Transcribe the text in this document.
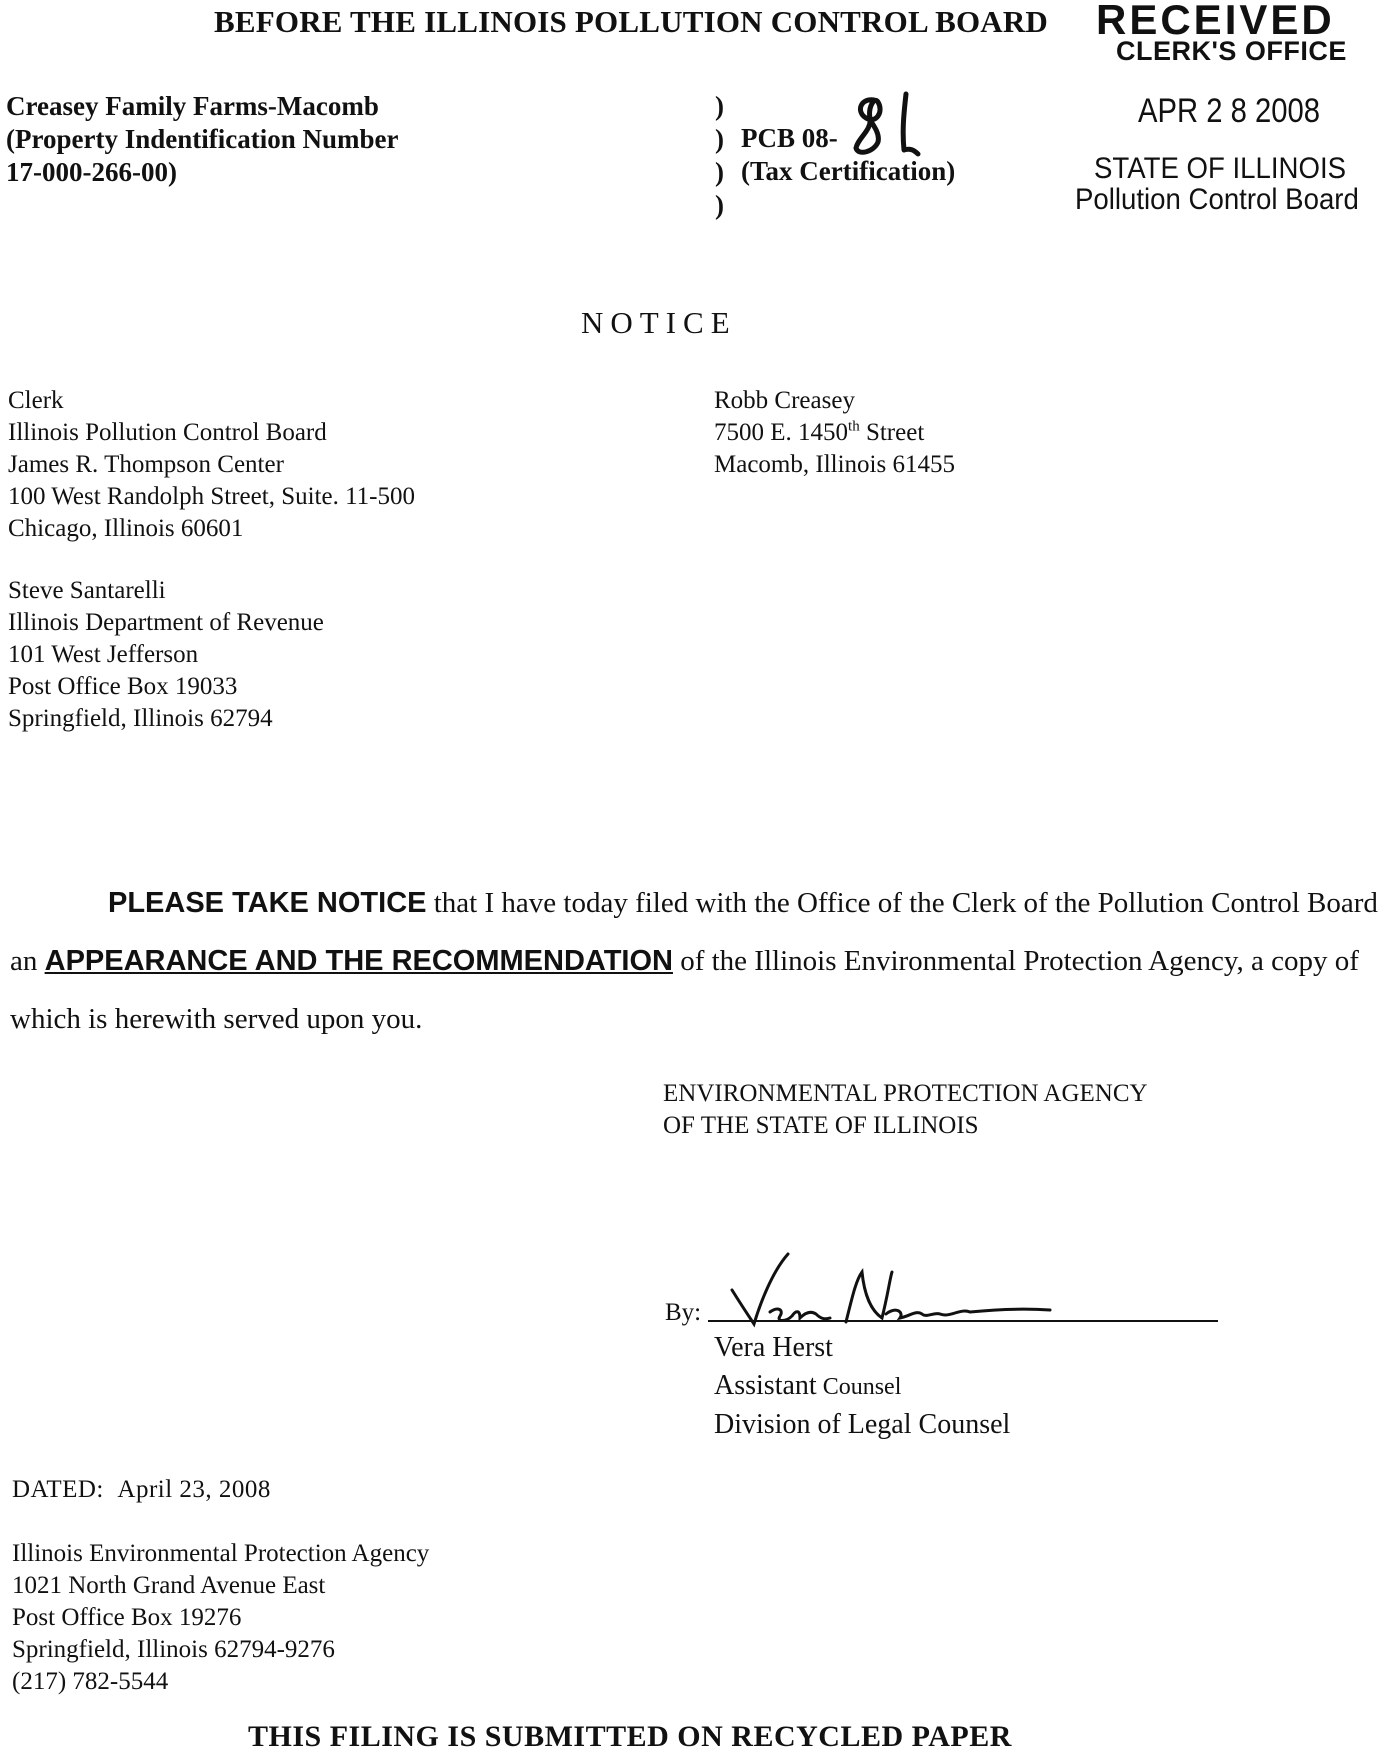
BEFORE THE ILLINOIS POLLUTION CONTROL BOARD RECEIVED
CLERK'S OFFICE
APR 2 8 2008
STATE OF ILLINOIS
Pollution Control Board
Creasey Family Farms-Macomb
(Property Indentification Number
17-000-266-00)
)
)
)
)
PCB 08-
(Tax Certification)
NOTICE
Clerk
Illinois Pollution Control Board
James R. Thompson Center
100 West Randolph Street, Suite. 11-500
Chicago, Illinois 60601
Robb Creasey
7500 E. 1450th Street
Macomb, Illinois 61455
Steve Santarelli
Illinois Department of Revenue
101 West Jefferson
Post Office Box 19033
Springfield, Illinois 62794
PLEASE TAKE NOTICE that I have today filed with the Office of the Clerk of the Pollution Control Board an APPEARANCE AND THE RECOMMENDATION of the Illinois Environmental Protection Agency, a copy of which is herewith served upon you.
ENVIRONMENTAL PROTECTION AGENCY
OF THE STATE OF ILLINOIS
By:
Vera Herst
Assistant Counsel
Division of Legal Counsel
DATED: April 23, 2008
Illinois Environmental Protection Agency
1021 North Grand Avenue East
Post Office Box 19276
Springfield, Illinois 62794-9276
(217) 782-5544
THIS FILING IS SUBMITTED ON RECYCLED PAPER
